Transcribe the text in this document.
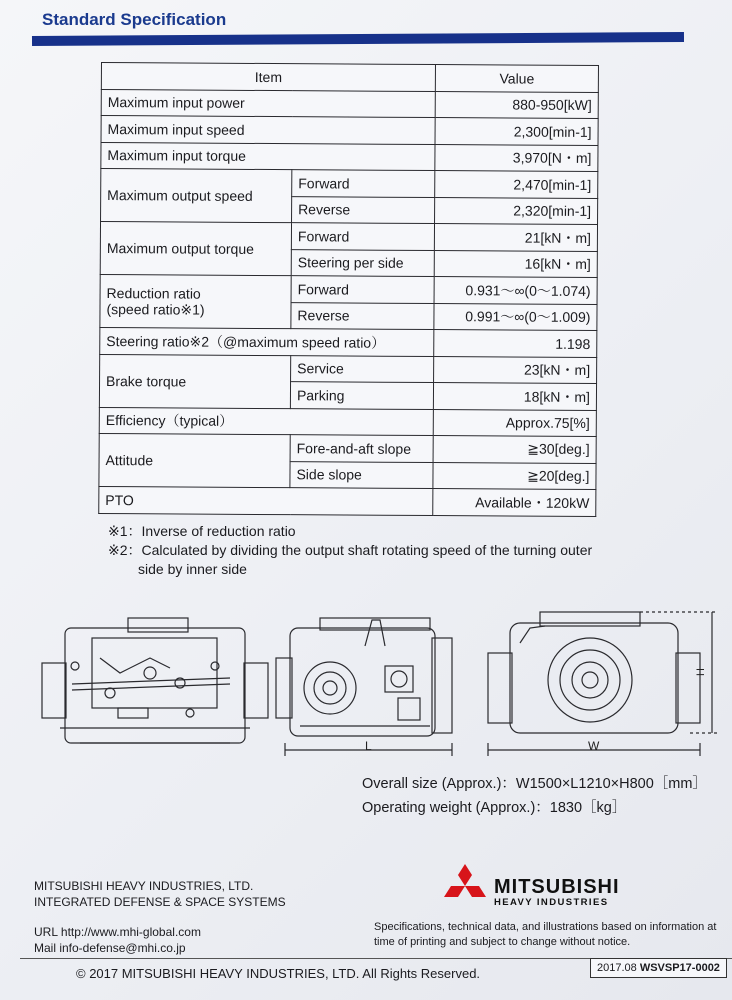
Standard Specification
Item		Value
Maximum input power		880-950[kW]
Maximum input speed		2,300[min-1]
Maximum input torque		3,970[N・m]
Maximum output speed	Forward	2,470[min-1]
	Reverse	2,320[min-1]
Maximum output torque	Forward	21[kN・m]
	Steering per side	16[kN・m]

Reduction ratio
(speed ratio※1)	Forward	0.931～∞(0～1.074)
	Reverse	0.991～∞(0～1.009)
Steering ratio※2（@maximum speed ratio）		1.198
Brake torque	Service	23[kN・m]
	Parking	18[kN・m]
Efficiency（typical）		Approx.75[%]
Attitude	Fore-and-aft slope	≧30[deg.]
	Side slope	≧20[deg.]
PTO		Available・120kW
※1：Inverse of reduction ratio
※2：Calculated by dividing the output shaft rotating speed of the turning outer side by inner side
L	W
H
Overall size (Approx.)：W1500×L1210×H800［mm］
Operating weight (Approx.)：1830［kg］
MITSUBISHI HEAVY INDUSTRIES, LTD.
INTEGRATED DEFENSE & SPACE SYSTEMS
URL http://www.mhi-global.com
Mail info-defense@mhi.co.jp
MITSUBISHI
HEAVY INDUSTRIES
Specifications, technical data, and illustrations based on information at time of printing and subject to change without notice.
© 2017 MITSUBISHI HEAVY INDUSTRIES, LTD. All Rights Reserved.	2017.08 WSVSP17-0002
